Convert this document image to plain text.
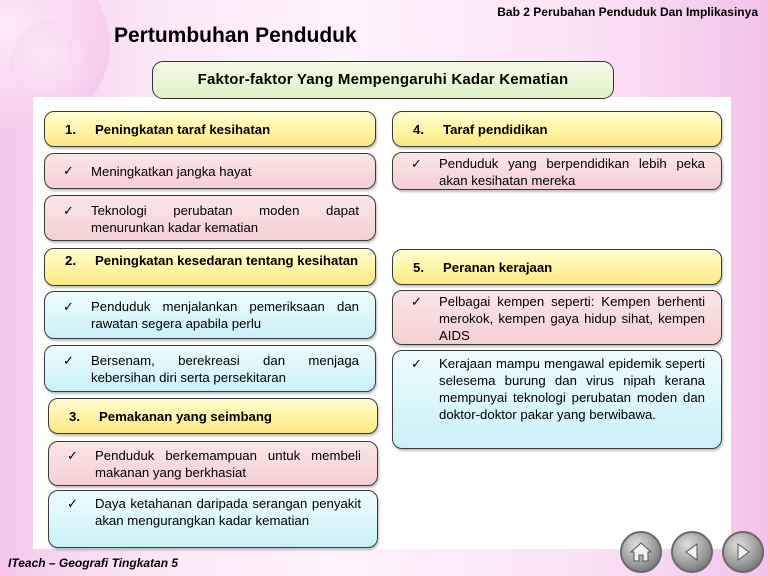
Bab 2 Perubahan Penduduk Dan Implikasinya
Pertumbuhan Penduduk
Faktor-faktor Yang Mempengaruhi Kadar Kematian
1. Peningkatan taraf kesihatan
✓ Meningkatkan jangka hayat
✓ Teknologi perubatan moden dapat menurunkan kadar kematian
2. Peningkatan kesedaran tentang kesihatan
✓ Penduduk menjalankan pemeriksaan dan rawatan segera apabila perlu
✓ Bersenam, berekreasi dan menjaga kebersihan diri serta persekitaran
3. Pemakanan yang seimbang
✓ Penduduk berkemampuan untuk membeli makanan yang berkhasiat
✓ Daya ketahanan daripada serangan penyakit akan mengurangkan kadar kematian
4. Taraf pendidikan
✓ Penduduk yang berpendidikan lebih peka akan kesihatan mereka
5. Peranan kerajaan
✓ Pelbagai kempen seperti: Kempen berhenti merokok, kempen gaya hidup sihat, kempen AIDS
✓ Kerajaan mampu mengawal epidemik seperti selesema burung dan virus nipah kerana mempunyai teknologi perubatan moden dan doktor-doktor pakar yang berwibawa.
ITeach – Geografi Tingkatan 5
